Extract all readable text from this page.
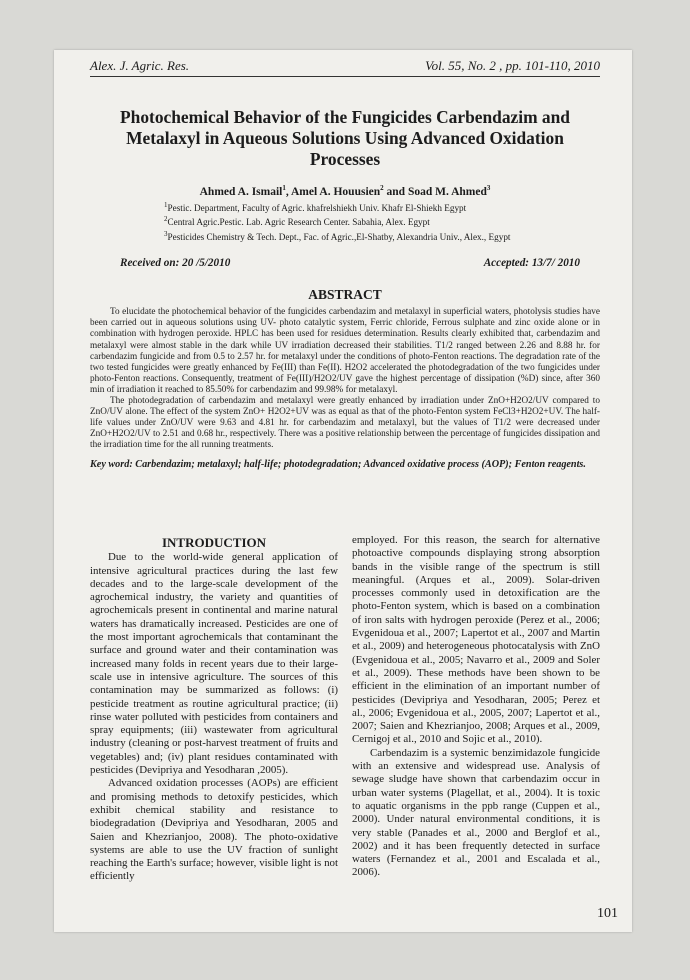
Alex. J. Agric. Res.	Vol. 55, No. 2 , pp. 101-110, 2010
Photochemical Behavior of the Fungicides Carbendazim and Metalaxyl in Aqueous Solutions Using Advanced Oxidation Processes
Ahmed A. Ismail$^1$, Amel A. Houusien$^2$ and Soad M. Ahmed$^3$
$^1$Pestic. Department, Faculty of Agric. khafrelshiekh Univ. Khafr El-Shiekh Egypt
$^2$Central Agric.Pestic. Lab. Agric Research Center. Sabahia, Alex. Egypt
$^3$Pesticides Chemistry & Tech. Dept., Fac. of Agric.,El-Shatby, Alexandria Univ., Alex., Egypt
Received on: 20 /5/2010	Accepted: 13/7/ 2010
ABSTRACT

To elucidate the photochemical behavior of the fungicides carbendazim and metalaxyl in superficial waters, photolysis studies have been carried out in aqueous solutions using UV- photo catalytic system, Ferric chloride, Ferrous sulphate and zinc oxide alone or in combination with hydrogen peroxide. HPLC has been used for residues determination. Results clearly exhibited that, carbendazim and metalaxyl were almost stable in the dark while UV irradiation decreased their stabilities. T1/2 ranged between 2.26 and 8.88 hr. for carbendazim fungicide and from 0.5 to 2.57 hr. for metalaxyl under the conditions of photo-Fenton reactions. The degradation rate of the two tested fungicides were greatly enhanced by Fe(III) than Fe(II). H2O2 accelerated the photodegradation of the two fungicides under photo-Fenton reactions. Consequently, treatment of Fe(III)/H2O2/UV gave the highest percentage of dissipation (%D) since, after 360 min of irradiation it reached to 85.50% for carbendazim and 99.98% for metalaxyl.

The photodegradation of carbendazim and metalaxyl were greatly enhanced by irradiation under ZnO+H2O2/UV compared to ZnO/UV alone. The effect of the system ZnO+ H2O2+UV was as equal as that of the photo-Fenton system FeCl3+H2O2+UV. The half-life values under ZnO/UV were 9.63 and 4.81 hr. for carbendazim and metalaxyl, but the values of T1/2 were decreased under ZnO+H2O2/UV to 2.51 and 0.68 hr., respectively. There was a positive relationship between the percentage of fungicides dissipation and the irradiation time for the all running treatments.

Key word: Carbendazim; metalaxyl; half-life; photodegradation; Advanced oxidative process (AOP); Fenton reagents.
INTRODUCTION

Due to the world-wide general application of intensive agricultural practices during the last few decades and to the large-scale development of the agrochemical industry, the variety and quantities of agrochemicals present in continental and marine natural waters has dramatically increased. Pesticides are one of the most important agrochemicals that contaminant the surface and ground water and their contamination was increased many folds in recent years due to their large-scale use in intensive agriculture. The sources of this contamination may be summarized as follows: (i) pesticide treatment as routine agricultural practice; (ii) rinse water polluted with pesticides from containers and spray equipments; (iii) wastewater from agricultural industry (cleaning or post-harvest treatment of fruits and vegetables) and; (iv) plant residues contaminated with pesticides (Devipriya and Yesodharan ,2005).

Advanced oxidation processes (AOPs) are efficient and promising methods to detoxify pesticides, which exhibit chemical stability and resistance to biodegradation (Devipriya and Yesodharan, 2005 and Saien and Khezrianjoo, 2008). The photo-oxidative systems are able to use the UV fraction of sunlight reaching the Earth's surface; however, visible light is not efficiently

employed. For this reason, the search for alternative photoactive compounds displaying strong absorption bands in the visible range of the spectrum is still meaningful. (Arques et al., 2009). Solar-driven processes commonly used in detoxification are the photo-Fenton system, which is based on a combination of iron salts with hydrogen peroxide (Perez et al., 2006; Evgenidoua et al., 2007; Lapertot et al., 2007 and Martin et al., 2009) and heterogeneous photocatalysis with ZnO (Evgenidoua et al., 2005; Navarro et al., 2009 and Soler et al., 2009). These methods have been shown to be efficient in the elimination of an important number of pesticides (Devipriya and Yesodharan, 2005; Perez et al., 2006; Evgenidoua et al., 2005, 2007; Lapertot et al., 2007; Saien and Khezrianjoo, 2008; Arques et al., 2009, Cernigoj et al., 2010 and Sojic et al., 2010).

Carbendazim is a systemic benzimidazole fungicide with an extensive and widespread use. Analysis of sewage sludge have shown that carbendazim occur in urban water systems (Plagellat, et al., 2004). It is toxic to aquatic organisms in the ppb range (Cuppen et al., 2000). Under natural environmental conditions, it is very stable (Panades et al., 2000 and Berglof et al., 2002) and it has been frequently detected in surface waters (Fernandez et al., 2001 and Escalada et al., 2006).

101
